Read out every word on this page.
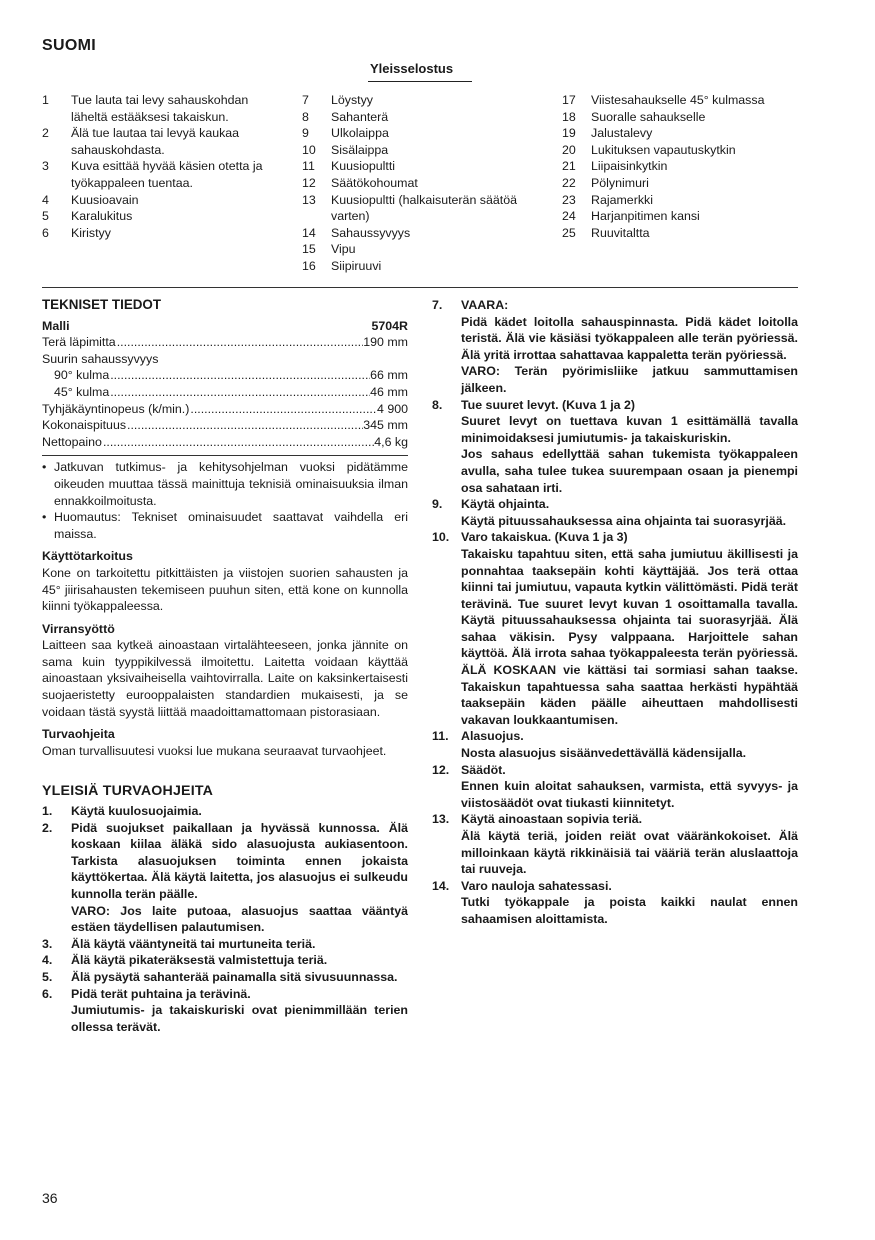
SUOMI
Yleisselostus
1 Tue lauta tai levy sahauskohdan läheltä estääksesi takaiskun.
2 Älä tue lautaa tai levyä kaukaa sahauskohdasta.
3 Kuva esittää hyvää käsien otetta ja työkappaleen tuentaa.
4 Kuusioavain
5 Karalukitus
6 Kiristyy
7 Löystyy
8 Sahanterä
9 Ulkolaippa
10 Sisälaippa
11 Kuusiopultti
12 Säätökohoumat
13 Kuusiopultti (halkaisuterän säätöä varten)
14 Sahaussyvyys
15 Vipu
16 Siipiruuvi
17 Viistesahaukselle 45° kulmassa
18 Suoralle sahaukselle
19 Jalustalevy
20 Lukituksen vapautuskytkin
21 Liipaisinkytkin
22 Pölynimuri
23 Rajamerkki
24 Harjanpitimen kansi
25 Ruuvitaltta
TEKNISET TIEDOT
Malli	5704R
Terä läpimitta .....	190 mm
Suurin sahaussyvyys
90° kulma .....	66 mm
45° kulma .....	46 mm
Tyhjäkäyntinopeus (k/min.) .....	4 900
Kokonaispituus .....	345 mm
Nettopaino .....	4,6 kg
• Jatkuvan tutkimus- ja kehitysohjelman vuoksi pidätämme oikeuden muuttaa tässä mainittuja teknisiä ominaisuuksia ilman ennakkoilmoitusta.
• Huomautus: Tekniset ominaisuudet saattavat vaihdella eri maissa.
Käyttötarkoitus
Kone on tarkoitettu pitkittäisten ja viistojen suorien sahausten ja 45° jiirisahausten tekemiseen puuhun siten, että kone on kunnolla kiinni työkappaleessa.
Virransyöttö
Laitteen saa kytkeä ainoastaan virtalähteeseen, jonka jännite on sama kuin tyyppikilvessä ilmoitettu. Laitetta voidaan käyttää ainoastaan yksivaiheisella vaihtovirralla. Laite on kaksinkertaisesti suojaeristetty eurooppalaisten standardien mukaisesti, ja se voidaan tästä syystä liittää maadoittamattomaan pistorasiaan.
Turvaohjeita
Oman turvallisuutesi vuoksi lue mukana seuraavat turvaohjeet.
YLEISIÄ TURVAOHJEITA
1. Käytä kuulosuojaimia.
2. Pidä suojukset paikallaan ja hyvässä kunnossa. Älä koskaan kiilaa äläkä sido alasuojusta aukiasentoon. Tarkista alasuojuksen toiminta ennen jokaista käyttökertaa. Älä käytä laitetta, jos alasuojus ei sulkeudu kunnolla terän päälle.
VARO: Jos laite putoaa, alasuojus saattaa vääntyä estäen täydellisen palautumisen.
3. Älä käytä vääntyneitä tai murtuneita teriä.
4. Älä käytä pikateräksestä valmistettuja teriä.
5. Älä pysäytä sahanterää painamalla sitä sivusuunnassa.
6. Pidä terät puhtaina ja terävinä.
Jumiutumis- ja takaiskuriski ovat pienimmillään terien ollessa terävät.
7. VAARA:
Pidä kädet loitolla sahauspinnasta. Pidä kädet loitolla teristä. Älä vie käsiäsi työkappaleen alle terän pyöriessä. Älä yritä irrottaa sahattavaa kappaletta terän pyöriessä.
VARO: Terän pyörimisliike jatkuu sammuttamisen jälkeen.
8. Tue suuret levyt. (Kuva 1 ja 2)
Suuret levyt on tuettava kuvan 1 esittämällä tavalla minimoidaksesi jumiutumis- ja takaiskuriskin.
Jos sahaus edellyttää sahan tukemista työkappaleen avulla, saha tulee tukea suurempaan osaan ja pienempi osa sahataan irti.
9. Käytä ohjainta.
Käytä pituussahauksessa aina ohjainta tai suorasyrjää.
10. Varo takaiskua. (Kuva 1 ja 3)
Takaisku tapahtuu siten, että saha jumiutuu äkillisesti ja ponnahtaa taaksepäin kohti käyttäjää. Jos terä ottaa kiinni tai jumiutuu, vapauta kytkin välittömästi. Pidä terät terävinä. Tue suuret levyt kuvan 1 osoittamalla tavalla. Käytä pituussahauksessa ohjainta tai suorasyrjää. Älä sahaa väkisin. Pysy valppaana. Harjoittele sahan käyttöä. Älä irrota sahaa työkappaleesta terän pyöriessä. ÄLÄ KOSKAAN vie kättäsi tai sormiasi sahan taakse. Takaiskun tapahtuessa saha saattaa herkästi hypähtää taaksepäin käden päälle aiheuttaen mahdollisesti vakavan loukkaantumisen.
11. Alasuojus.
Nosta alasuojus sisäänvedettävällä kädensijalla.
12. Säädöt.
Ennen kuin aloitat sahauksen, varmista, että syvyys- ja viistosäädöt ovat tiukasti kiinnitetyt.
13. Käytä ainoastaan sopivia teriä.
Älä käytä teriä, joiden reiät ovat vääränkokoiset. Älä milloinkaan käytä rikkinäisiä tai vääriä terän aluslaattoja tai ruuveja.
14. Varo nauloja sahatessasi.
Tutki työkappale ja poista kaikki naulat ennen sahaamisen aloittamista.
36
